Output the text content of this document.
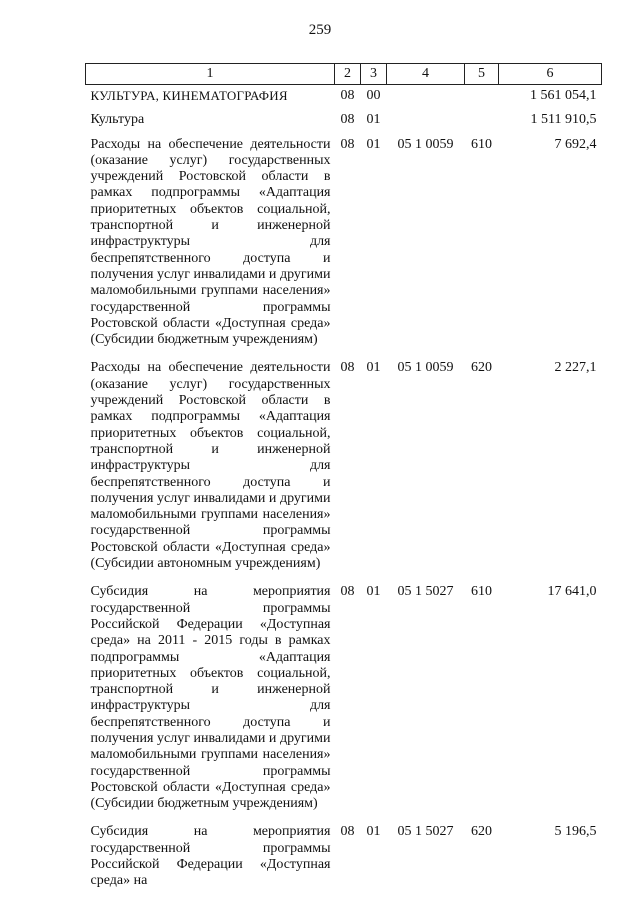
259
1	2	3	4	5	6
КУЛЬТУРА, КИНЕМАТОГРАФИЯ	08	00			1 561 054,1
Культура	08	01			1 511 910,5
Расходы на обеспечение деятельности (оказание услуг) государственных учреждений Ростовской области в рамках подпрограммы «Адаптация приоритетных объектов социальной, транспортной и инженерной инфраструктуры для беспрепятственного доступа и получения услуг инвалидами и другими маломобильными группами населения» государственной программы Ростовской области «Доступная среда» (Субсидии бюджетным учреждениям)	08	01	05 1 0059	610	7 692,4
Расходы на обеспечение деятельности (оказание услуг) государственных учреждений Ростовской области в рамках подпрограммы «Адаптация приоритетных объектов социальной, транспортной и инженерной инфраструктуры для беспрепятственного доступа и получения услуг инвалидами и другими маломобильными группами населения» государственной программы Ростовской области «Доступная среда» (Субсидии автономным учреждениям)	08	01	05 1 0059	620	2 227,1
Субсидия на мероприятия государственной программы Российской Федерации «Доступная среда» на 2011 - 2015 годы в рамках подпрограммы «Адаптация приоритетных объектов социальной, транспортной и инженерной инфраструктуры для беспрепятственного доступа и получения услуг инвалидами и другими маломобильными группами населения» государственной программы Ростовской области «Доступная среда» (Субсидии бюджетным учреждениям)	08	01	05 1 5027	610	17 641,0
Субсидия на мероприятия государственной программы Российской Федерации «Доступная среда» на	08	01	05 1 5027	620	5 196,5
